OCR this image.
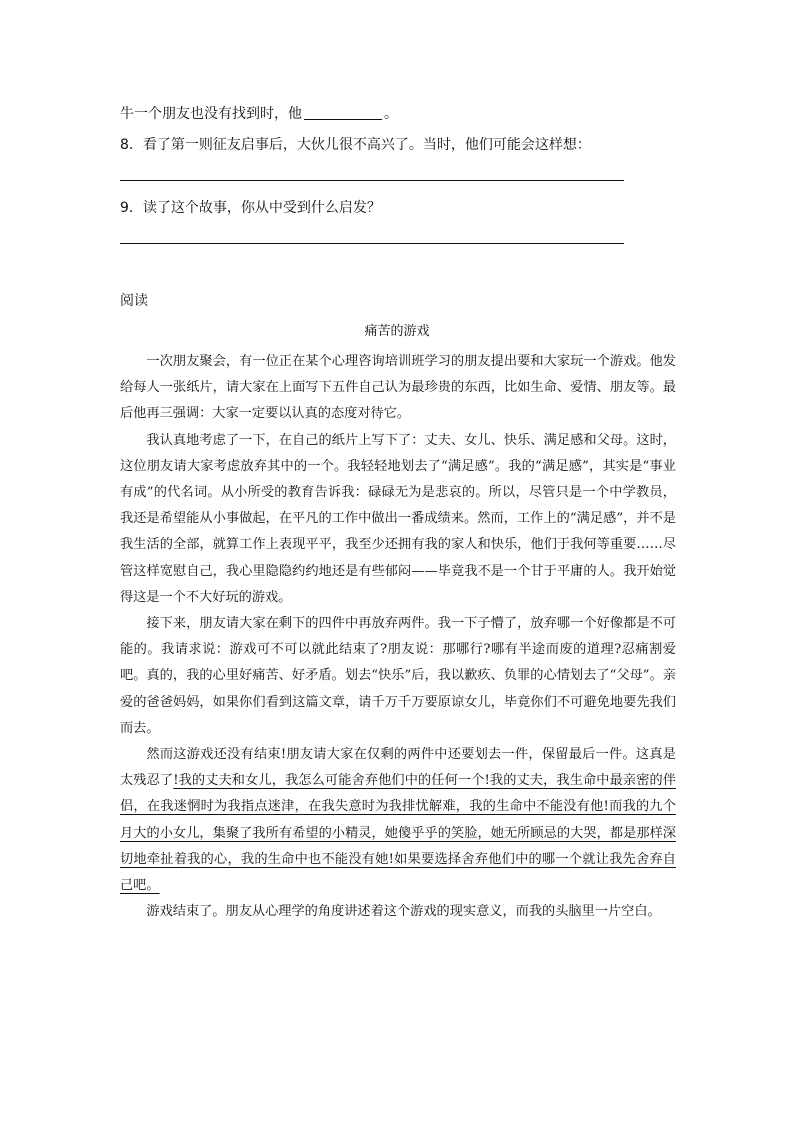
牛一个朋友也没有找到时，他	。
8．看了第一则征友启事后，大伙儿很不高兴了。当时，他们可能会这样想：
9．读了这个故事，你从中受到什么启发？
阅读
痛苦的游戏

一次朋友聚会，有一位正在某个心理咨询培训班学习的朋友提出要和大家玩一个游戏。他发给每人一张纸片，请大家在上面写下五件自己认为最珍贵的东西，比如生命、爱情、朋友等。最后他再三强调：大家一定要以认真的态度对待它。

我认真地考虑了一下，在自己的纸片上写下了：丈夫、女儿、快乐、满足感和父母。这时，这位朋友请大家考虑放弃其中的一个。我轻轻地划去了“满足感”。我的“满足感”，其实是“事业有成”的代名词。从小所受的教育告诉我：碌碌无为是悲哀的。所以，尽管只是一个中学教员，我还是希望能从小事做起，在平凡的工作中做出一番成绩来。然而，工作上的“满足感”，并不是我生活的全部，就算工作上表现平平，我至少还拥有我的家人和快乐，他们于我何等重要……尽管这样宽慰自己，我心里隐隐约约地还是有些郁闷——毕竟我不是一个甘于平庸的人。我开始觉得这是一个不大好玩的游戏。

接下来，朋友请大家在剩下的四件中再放弃两件。我一下子懵了，放弃哪一个好像都是不可能的。我请求说：游戏可不可以就此结束了?朋友说：那哪行?哪有半途而废的道理?忍痛割爱吧。真的，我的心里好痛苦、好矛盾。划去“快乐”后，我以歉疚、负罪的心情划去了“父母”。亲爱的爸爸妈妈，如果你们看到这篇文章，请千万千万要原谅女儿，毕竟你们不可避免地要先我们而去。

然而这游戏还没有结束!朋友请大家在仅剩的两件中还要划去一件，保留最后一件。这真是太残忍了!我的丈夫和女儿，我怎么可能舍弃他们中的任何一个!我的丈夫，我生命中最亲密的伴侣，在我迷惘时为我指点迷津，在我失意时为我排忧解难，我的生命中不能没有他!而我的九个月大的小女儿，集聚了我所有希望的小精灵，她傻乎乎的笑脸，她无所顾忌的大哭，都是那样深切地牵扯着我的心，我的生命中也不能没有她!如果要选择舍弃他们中的哪一个就让我先舍弃自己吧。

游戏结束了。朋友从心理学的角度讲述着这个游戏的现实意义，而我的头脑里一片空白。
